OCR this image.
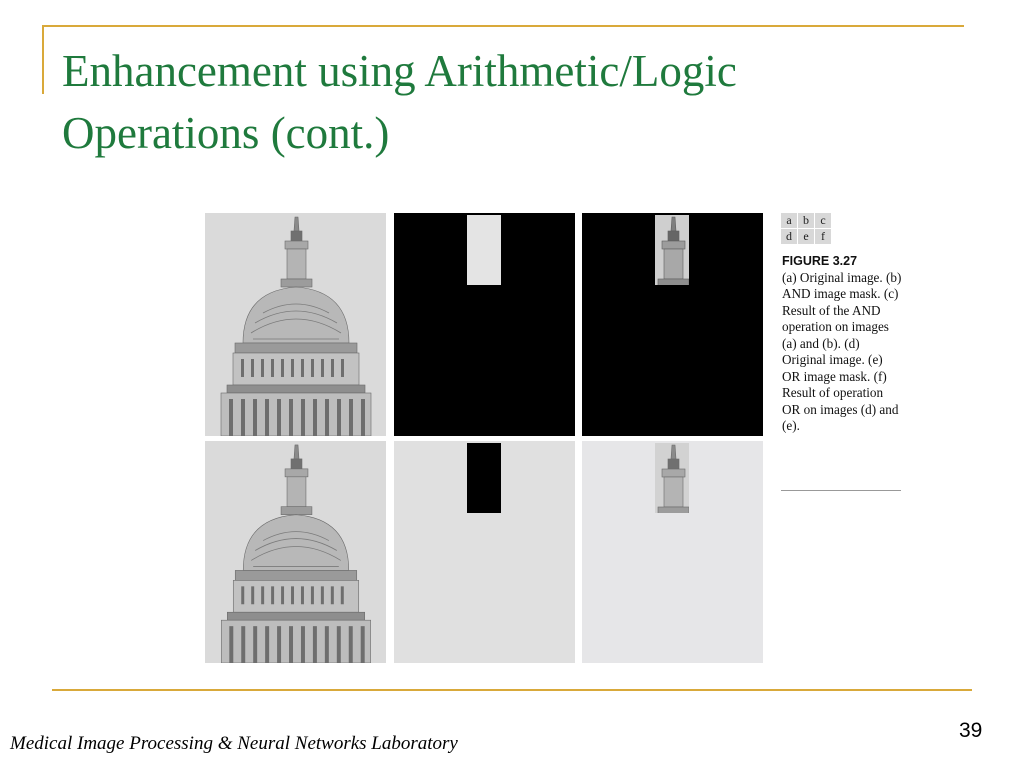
Enhancement using Arithmetic/Logic
Operations (cont.)
a b c
d e	f
FIGURE 3.27
(a) Original image. (b) AND image mask. (c) Result of the AND operation on images (a) and (b). (d) Original image. (e) OR image mask. (f) Result of operation OR on images (d) and (e).
Medical Image Processing & Neural Networks Laboratory
39
